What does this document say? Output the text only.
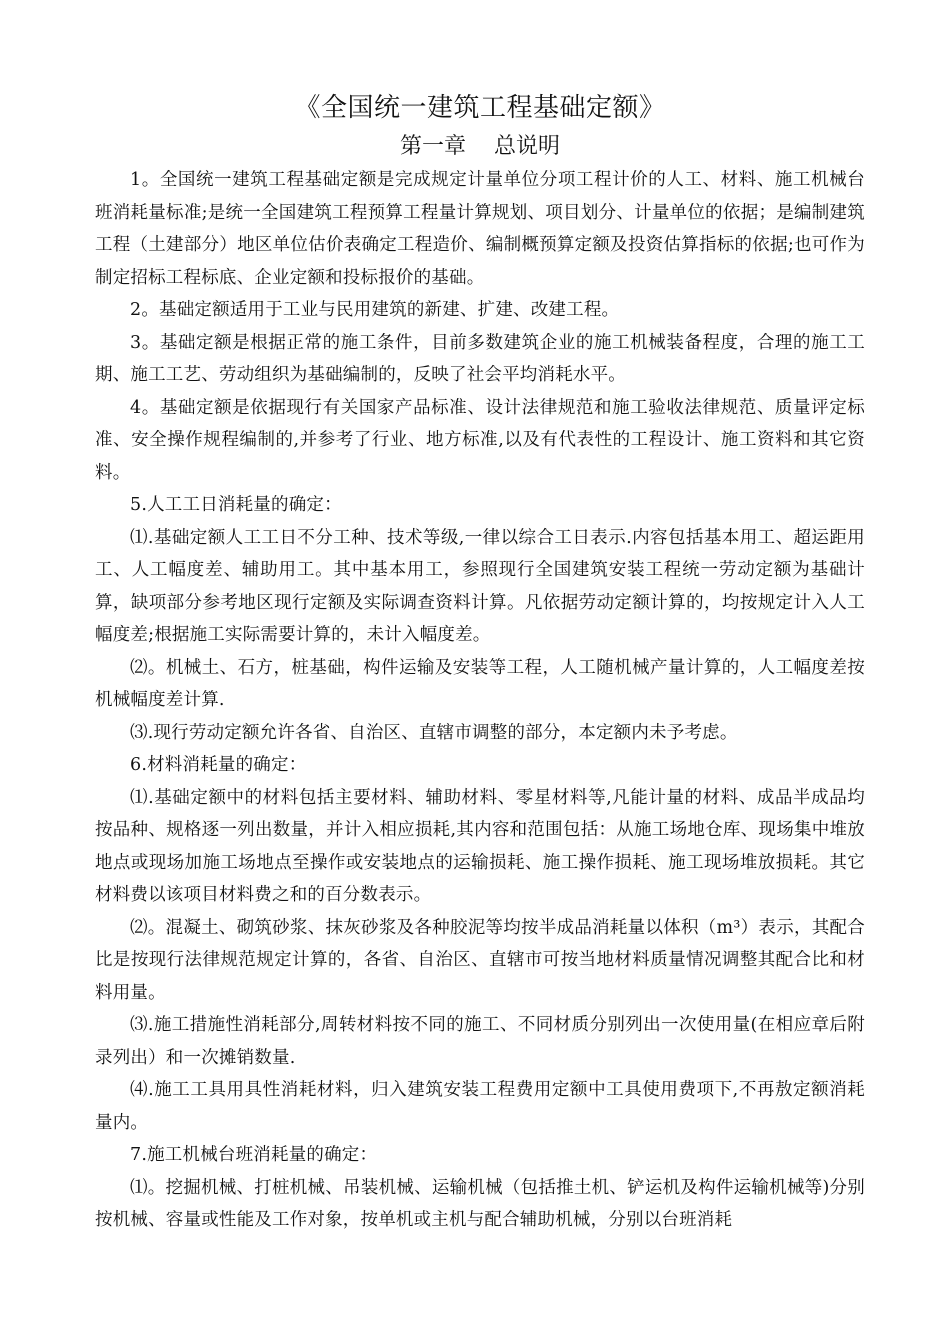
《全国统一建筑工程基础定额》
第一章 总说明

1。全国统一建筑工程基础定额是完成规定计量单位分项工程计价的人工、材料、施工机械台班消耗量标准;是统一全国建筑工程预算工程量计算规划、项目划分、计量单位的依据；是编制建筑工程（土建部分）地区单位估价表确定工程造价、编制概预算定额及投资估算指标的依据;也可作为制定招标工程标底、企业定额和投标报价的基础。

2。基础定额适用于工业与民用建筑的新建、扩建、改建工程。

3。基础定额是根据正常的施工条件，目前多数建筑企业的施工机械装备程度，合理的施工工期、施工工艺、劳动组织为基础编制的，反映了社会平均消耗水平。

4。基础定额是依据现行有关国家产品标准、设计法律规范和施工验收法律规范、质量评定标准、安全操作规程编制的,并参考了行业、地方标准,以及有代表性的工程设计、施工资料和其它资料。

5.人工工日消耗量的确定：

⑴.基础定额人工工日不分工种、技术等级,一律以综合工日表示.内容包括基本用工、超运距用工、人工幅度差、辅助用工。其中基本用工，参照现行全国建筑安装工程统一劳动定额为基础计算，缺项部分参考地区现行定额及实际调查资料计算。凡依据劳动定额计算的，均按规定计入人工幅度差;根据施工实际需要计算的，未计入幅度差。

⑵。机械土、石方，桩基础，构件运输及安装等工程，人工随机械产量计算的，人工幅度差按机械幅度差计算.

⑶.现行劳动定额允许各省、自治区、直辖市调整的部分，本定额内未予考虑。

6.材料消耗量的确定：

⑴.基础定额中的材料包括主要材料、辅助材料、零星材料等,凡能计量的材料、成品半成品均按品种、规格逐一列出数量，并计入相应损耗,其内容和范围包括：从施工场地仓库、现场集中堆放地点或现场加施工场地点至操作或安装地点的运输损耗、施工操作损耗、施工现场堆放损耗。其它材料费以该项目材料费之和的百分数表示。

⑵。混凝土、砌筑砂浆、抹灰砂浆及各种胶泥等均按半成品消耗量以体积（m³）表示，其配合比是按现行法律规范规定计算的，各省、自治区、直辖市可按当地材料质量情况调整其配合比和材料用量。

⑶.施工措施性消耗部分,周转材料按不同的施工、不同材质分别列出一次使用量(在相应章后附录列出）和一次摊销数量.

⑷.施工工具用具性消耗材料，归入建筑安装工程费用定额中工具使用费项下,不再敖定额消耗量内。

7.施工机械台班消耗量的确定：

⑴。挖掘机械、打桩机械、吊装机械、运输机械（包括推土机、铲运机及构件运输机械等)分别按机械、容量或性能及工作对象，按单机或主机与配合辅助机械，分别以台班消耗
